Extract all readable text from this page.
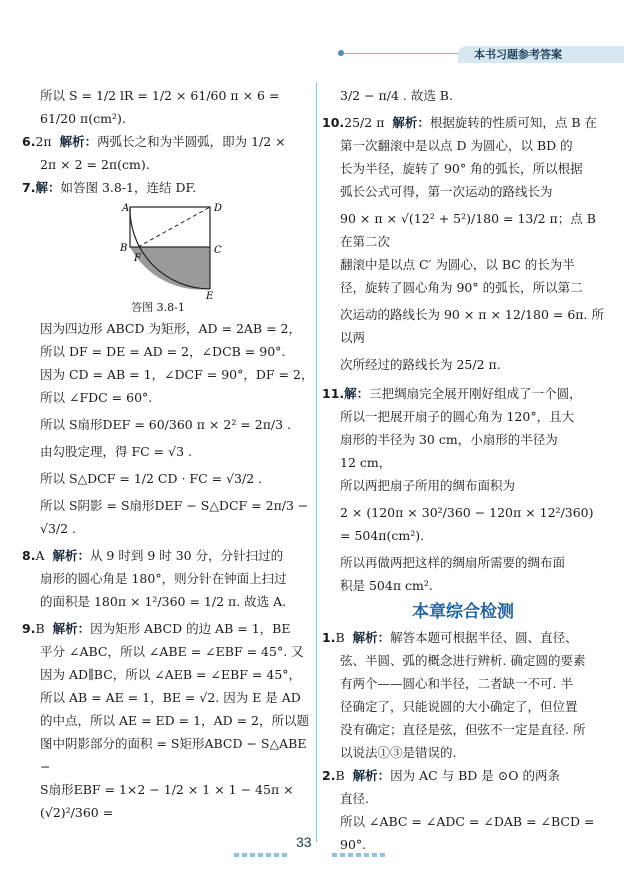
本书习题参考答案

所以 S = 1/2 lR = 1/2 × 61/60 π × 6 = 61/20 π(cm²).

6.2π 解析：两弧长之和为半圆弧，即为 1/2 ×

2π × 2 = 2π(cm).

7.解：如答图 3.8-1，连结 DF.

A	D
B	C
F
E

答图 3.8-1

因为四边形 ABCD 为矩形，AD = 2AB = 2，

所以 DF = DE = AD = 2，∠DCB = 90°.

因为 CD = AB = 1，∠DCF = 90°，DF = 2，

所以 ∠FDC = 60°.

所以 S扇形DEF = 60/360 π × 2² = 2π/3 .

由勾股定理，得 FC = √3 .

所以 S△DCF = 1/2 CD · FC = √3/2 .

所以 S阴影 = S扇形DEF − S△DCF = 2π/3 − √3/2 .

8.A 解析：从 9 时到 9 时 30 分，分针扫过的

扇形的圆心角是 180°，则分针在钟面上扫过

的面积是 180π × 1²/360 = 1/2 π. 故选 A.

9.B 解析：因为矩形 ABCD 的边 AB = 1，BE

平分 ∠ABC，所以 ∠ABE = ∠EBF = 45°. 又

因为 AD∥BC，所以 ∠AEB = ∠EBF = 45°，

所以 AB = AE = 1，BE = √2. 因为 E 是 AD

的中点，所以 AE = ED = 1，AD = 2，所以题

图中阴影部分的面积 = S矩形ABCD − S△ABE −

S扇形EBF = 1×2 − 1/2 × 1 × 1 − 45π × (√2)²/360 =

3/2 − π/4 . 故选 B.

10.25/2 π 解析：根据旋转的性质可知，点 B 在

第一次翻滚中是以点 D 为圆心，以 BD 的

长为半径，旋转了 90° 角的弧长，所以根据

弧长公式可得，第一次运动的路线长为

90 × π × √(12² + 5²)/180 = 13/2 π；点 B 在第二次

翻滚中是以点 C′ 为圆心，以 BC 的长为半

径，旋转了圆心角为 90° 的弧长，所以第二

次运动的路线长为 90 × π × 12/180 = 6π. 所以两

次所经过的路线长为 25/2 π.

11.解：三把绸扇完全展开刚好组成了一个圆，

所以一把展开扇子的圆心角为 120°，且大

扇形的半径为 30 cm，小扇形的半径为

12 cm，

所以两把扇子所用的绸布面积为

2 × (120π × 30²/360 − 120π × 12²/360) = 504π(cm²).

所以再做两把这样的绸扇所需要的绸布面

积是 504π cm².

本章综合检测

1.B 解析：解答本题可根据半径、圆、直径、

弦、半圆、弧的概念进行辨析. 确定圆的要素

有两个——圆心和半径，二者缺一不可. 半

径确定了，只能说圆的大小确定了，但位置

没有确定；直径是弦，但弦不一定是直径. 所

以说法①③是错误的.

2.B 解析：因为 AC 与 BD 是 ⊙O 的两条

直径.

所以 ∠ABC = ∠ADC = ∠DAB = ∠BCD =

90°.

33
